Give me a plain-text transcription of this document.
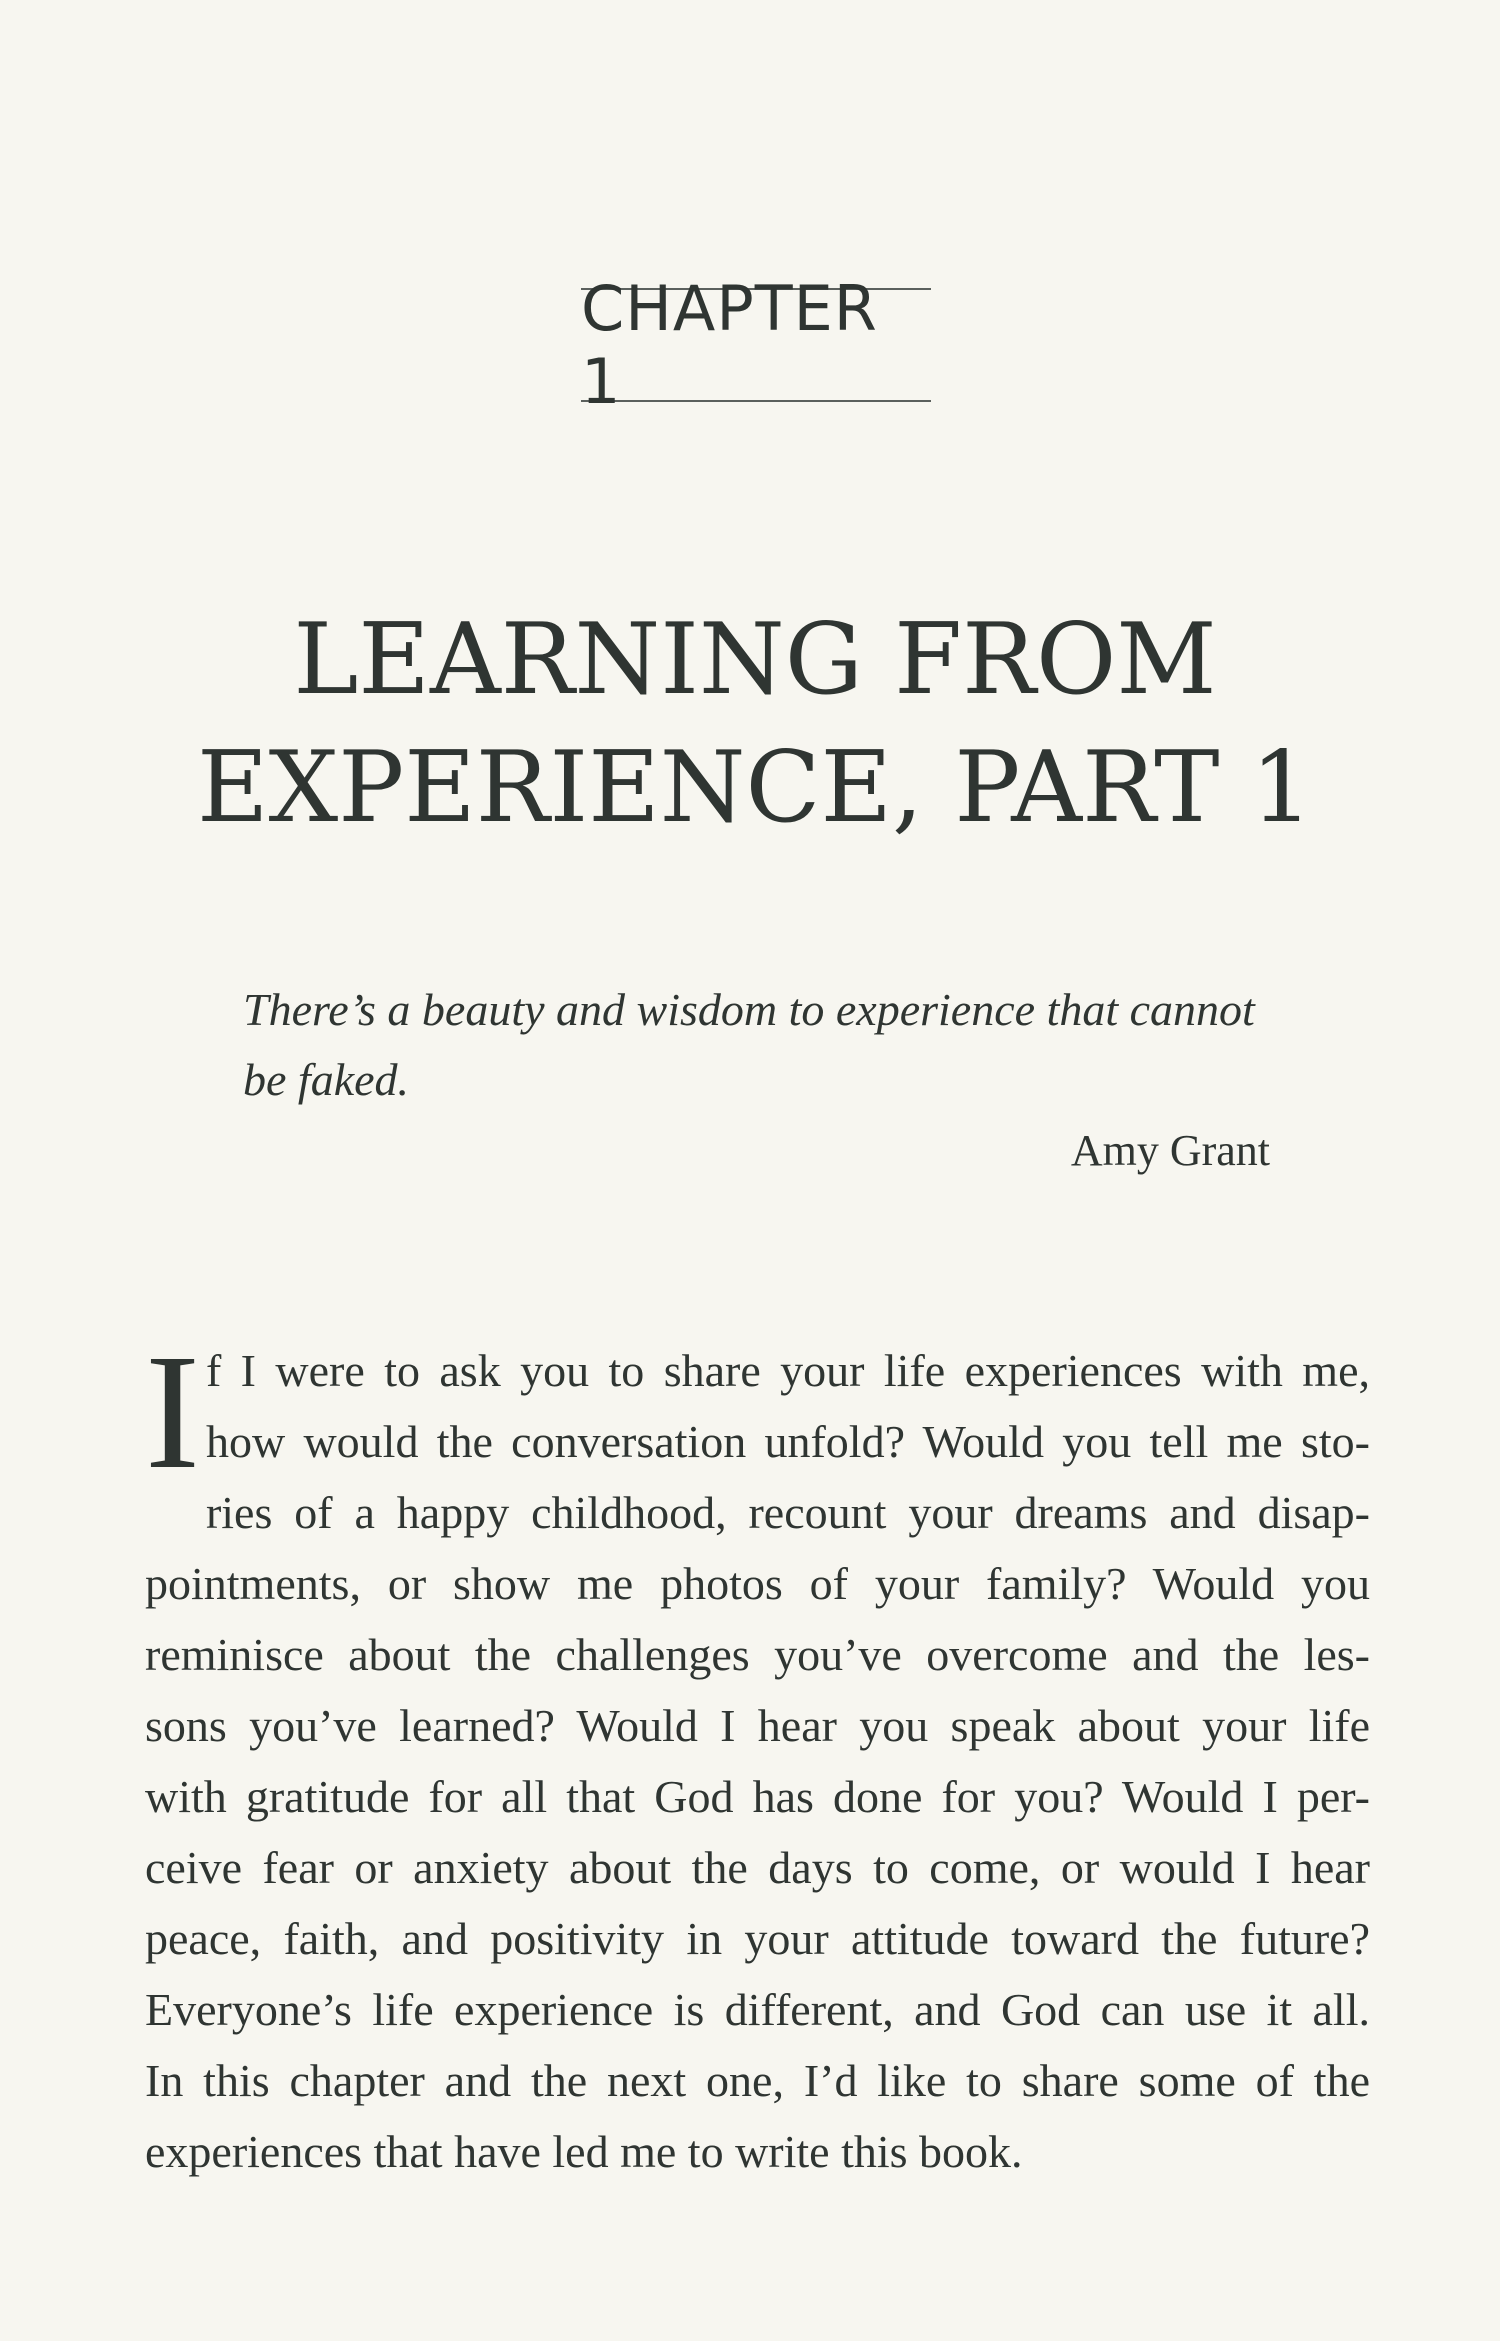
CHAPTER 1
LEARNING FROM
EXPERIENCE, PART 1
There’s a beauty and wisdom to experience that cannot
be faked.
Amy Grant
I f I were to ask you to share your life experiences with me,
how would the conversation unfold? Would you tell me sto-
ries of a happy childhood, recount your dreams and disap-
pointments, or show me photos of your family? Would you
reminisce about the challenges you’ve overcome and the les-
sons you’ve learned? Would I hear you speak about your life
with gratitude for all that God has done for you? Would I per-
ceive fear or anxiety about the days to come, or would I hear
peace, faith, and positivity in your attitude toward the future?
Everyone’s life experience is different, and God can use it all.
In this chapter and the next one, I’d like to share some of the
experiences that have led me to write this book.
